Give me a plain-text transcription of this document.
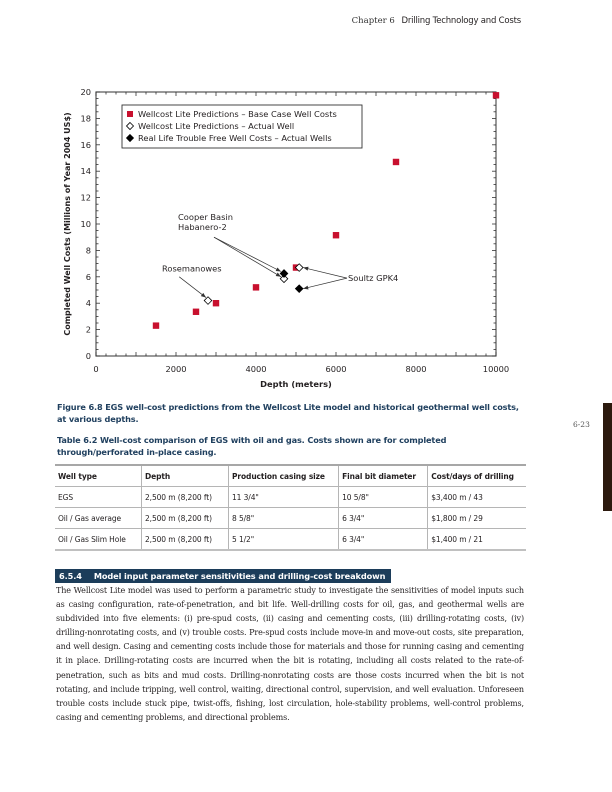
Chapter 6 Drilling Technology and Costs
0	2000	4000	6000	8000	10000
0
2
4
6
8
10
12
14
16
18
20
Depth (meters)
Completed Well Costs (Millions of Year 2004 US$)	Cooper Basin
Habanero-2
Rosemanowes
Soultz GPK4
Wellcost Lite Predictions – Base Case Well Costs
Wellcost Lite Predictions – Actual Well
Real Life Trouble Free Well Costs – Actual Wells
Figure 6.8 EGS well-cost predictions from the Wellcost Lite model and historical geothermal well costs, at various depths.
Table 6.2 Well-cost comparison of EGS with oil and gas. Costs shown are for completed through/perforated in-place casing.
6-23
Well type	Depth	Production casing size	Final bit diameter	Cost/days of drilling
EGS	2,500 m (8,200 ft)	11 3/4"	10 5/8"	$3,400 m / 43
Oil / Gas average	2,500 m (8,200 ft)	8 5/8"	6 3/4"	$1,800 m / 29
Oil / Gas Slim Hole	2,500 m (8,200 ft)	5 1/2"	6 3/4"	$1,400 m / 21
6.5.4 Model input parameter sensitivities and drilling-cost breakdown
The Wellcost Lite model was used to perform a parametric study to investigate the sensitivities of model inputs such as casing configuration, rate-of-penetration, and bit life. Well-drilling costs for oil, gas, and geothermal wells are subdivided into five elements: (i) pre-spud costs, (ii) casing and cementing costs, (iii) drilling-rotating costs, (iv) drilling-nonrotating costs, and (v) trouble costs. Pre-spud costs include move-in and move-out costs, site preparation, and well design. Casing and cementing costs include those for materials and those for running casing and cementing it in place. Drilling-rotating costs are incurred when the bit is rotating, including all costs related to the rate-of-penetration, such as bits and mud costs. Drilling-nonrotating costs are those costs incurred when the bit is not rotating, and include tripping, well control, waiting, directional control, supervision, and well evaluation. Unforeseen trouble costs include stuck pipe, twist-offs, fishing, lost circulation, hole-stability problems, well-control problems, casing and cementing problems, and directional problems.
